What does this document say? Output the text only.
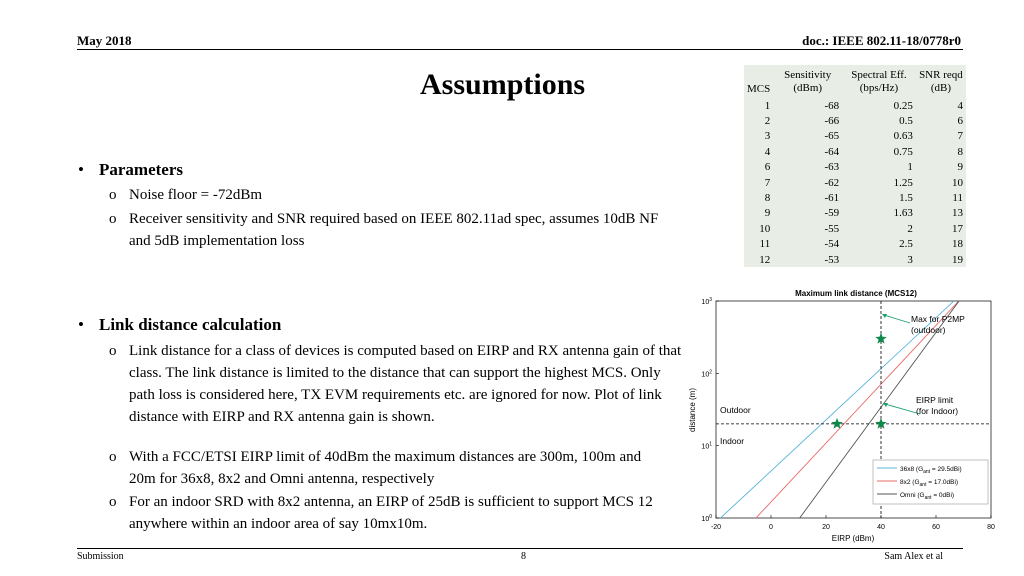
May 2018	doc.: IEEE 802.11-18/0778r0
Assumptions
• Parameters
o Noise floor = -72dBm
o Receiver sensitivity and SNR required based on IEEE 802.11ad spec, assumes 10dB NF and 5dB implementation loss
• Link distance calculation
o Link distance for a class of devices is computed based on EIRP and RX antenna gain of that class. The link distance is limited to the distance that can support the highest MCS. Only path loss is considered here, TX EVM requirements etc. are ignored for now. Plot of link distance with EIRP and RX antenna gain is shown.
o With a FCC/ETSI EIRP limit of 40dBm the maximum distances are 300m, 100m and 20m for 36x8, 8x2 and Omni antenna, respectively
o For an indoor SRD with 8x2 antenna, an EIRP of 25dB is sufficient to support MCS 12 anywhere within an indoor area of say 10mx10m.
MCS	Sensitivity (dBm)	Spectral Eff. (bps/Hz)	SNR reqd (dB)
1	-68	0.25	4
2	-66	0.5	6
3	-65	0.63	7
4	-64	0.75	8
6	-63	1	9
7	-62	1.25	10
8	-61	1.5	11
9	-59	1.63	13
10	-55	2	17
11	-54	2.5	18
12	-53	3	19
Maximum link distance (MCS12)
-20	0	20	40	60	80
$10^0$
$10^1$
$10^2$
$10^3$
EIRP (dBm)
distance (m)
Max for P2MP (outdoor)
EIRP limit (for Indoor)
Outdoor
Indoor
36x8 $(G_{ant} = 29.5dBi)$
8x2 $(G_{ant} = 17.0dBi)$
Omni $(G_{ant} = 0dBi)$
Submission	8	Sam Alex et al
